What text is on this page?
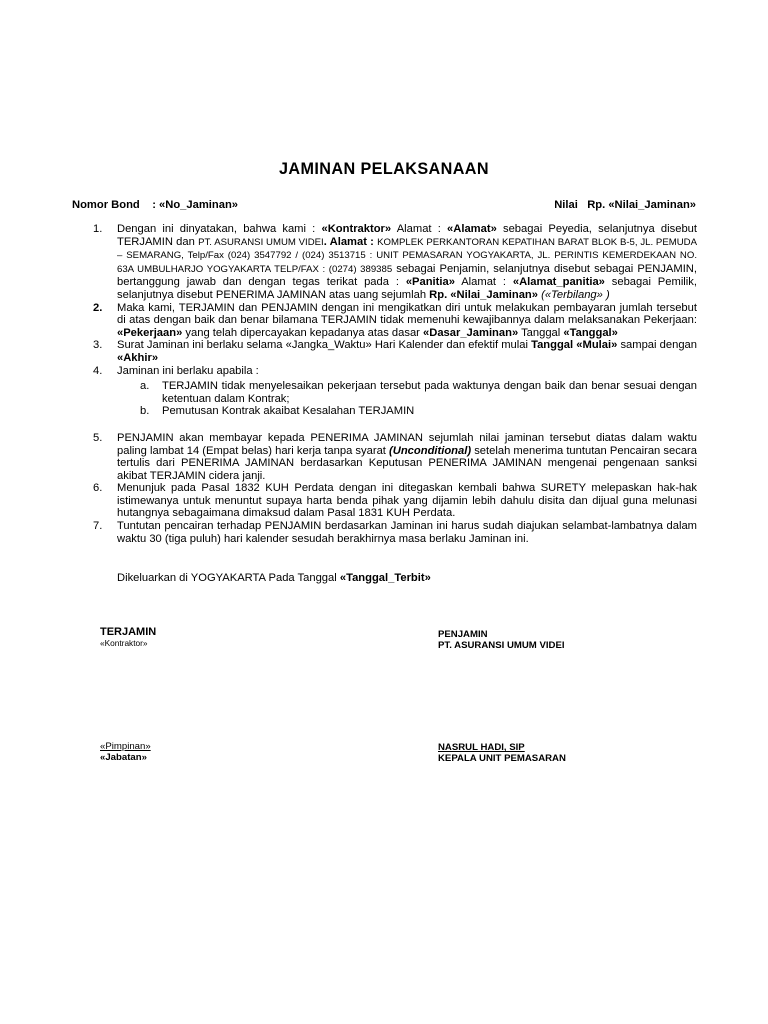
JAMINAN PELAKSANAAN
Nomor Bond : «No_Jaminan»	Nilai Rp. «Nilai_Jaminan»
1. Dengan ini dinyatakan, bahwa kami : «Kontraktor» Alamat : «Alamat» sebagai Peyedia, selanjutnya disebut TERJAMIN dan PT. ASURANSI UMUM VIDEI. Alamat : KOMPLEK PERKANTORAN KEPATIHAN BARAT BLOK B-5, JL. PEMUDA – SEMARANG, Telp/Fax (024) 3547792 / (024) 3513715 : UNIT PEMASARAN YOGYAKARTA, JL. PERINTIS KEMERDEKAAN NO. 63A UMBULHARJO YOGYAKARTA TELP/FAX : (0274) 389385 sebagai Penjamin, selanjutnya disebut sebagai PENJAMIN, bertanggung jawab dan dengan tegas terikat pada : «Panitia» Alamat : «Alamat_panitia» sebagai Pemilik, selanjutnya disebut PENERIMA JAMINAN atas uang sejumlah Rp. «Nilai_Jaminan» («Terbilang» )
2. Maka kami, TERJAMIN dan PENJAMIN dengan ini mengikatkan diri untuk melakukan pembayaran jumlah tersebut di atas dengan baik dan benar bilamana TERJAMIN tidak memenuhi kewajibannya dalam melaksanakan Pekerjaan: «Pekerjaan» yang telah dipercayakan kepadanya atas dasar «Dasar_Jaminan» Tanggal «Tanggal»
3. Surat Jaminan ini berlaku selama «Jangka_Waktu» Hari Kalender dan efektif mulai Tanggal «Mulai» sampai dengan «Akhir»
4. Jaminan ini berlaku apabila :
a. TERJAMIN tidak menyelesaikan pekerjaan tersebut pada waktunya dengan baik dan benar sesuai dengan ketentuan dalam Kontrak;
b. Pemutusan Kontrak akaibat Kesalahan TERJAMIN
5. PENJAMIN akan membayar kepada PENERIMA JAMINAN sejumlah nilai jaminan tersebut diatas dalam waktu paling lambat 14 (Empat belas) hari kerja tanpa syarat (Unconditional) setelah menerima tuntutan Pencairan secara tertulis dari PENERIMA JAMINAN berdasarkan Keputusan PENERIMA JAMINAN mengenai pengenaan sanksi akibat TERJAMIN cidera janji.
6. Menunjuk pada Pasal 1832 KUH Perdata dengan ini ditegaskan kembali bahwa SURETY melepaskan hak-hak istimewanya untuk menuntut supaya harta benda pihak yang dijamin lebih dahulu disita dan dijual guna melunasi hutangnya sebagaimana dimaksud dalam Pasal 1831 KUH Perdata.
7. Tuntutan pencairan terhadap PENJAMIN berdasarkan Jaminan ini harus sudah diajukan selambat-lambatnya dalam waktu 30 (tiga puluh) hari kalender sesudah berakhirnya masa berlaku Jaminan ini.
Dikeluarkan di YOGYAKARTA Pada Tanggal «Tanggal_Terbit»
TERJAMIN
«Kontraktor»
PENJAMIN
PT. ASURANSI UMUM VIDEI
«Pimpinan»
«Jabatan»
NASRUL HADI, SIP
KEPALA UNIT PEMASARAN
